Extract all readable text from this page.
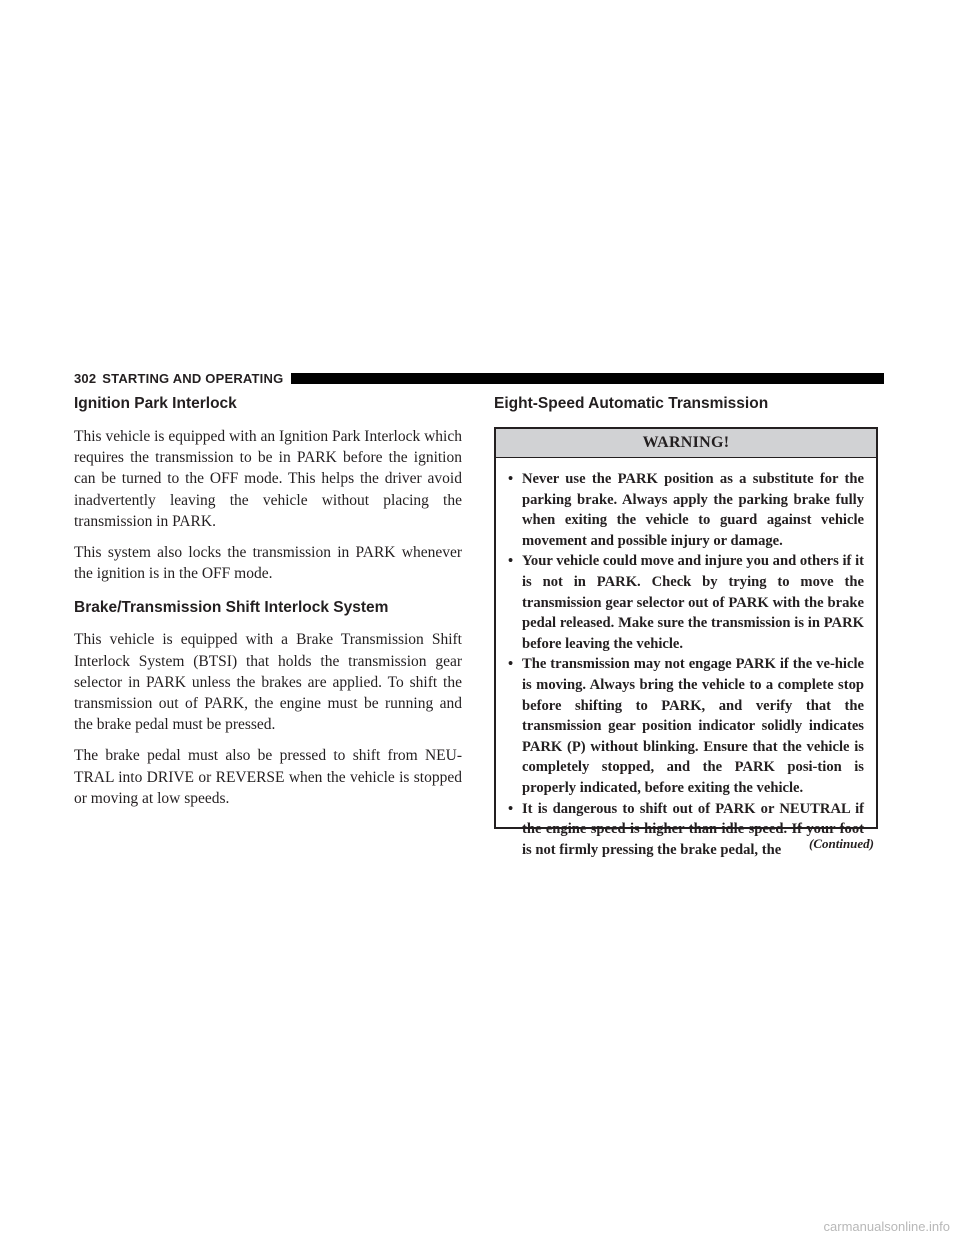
302 STARTING AND OPERATING
Ignition Park Interlock

This vehicle is equipped with an Ignition Park Interlock which requires the transmission to be in PARK before the ignition can be turned to the OFF mode. This helps the driver avoid inadvertently leaving the vehicle without placing the transmission in PARK.

This system also locks the transmission in PARK whenever the ignition is in the OFF mode.

Brake/Transmission Shift Interlock System

This vehicle is equipped with a Brake Transmission Shift Interlock System (BTSI) that holds the transmission gear selector in PARK unless the brakes are applied. To shift the transmission out of PARK, the engine must be running and the brake pedal must be pressed.

The brake pedal must also be pressed to shift from NEU-TRAL into DRIVE or REVERSE when the vehicle is stopped or moving at low speeds.

Eight-Speed Automatic Transmission
WARNING!
• Never use the PARK position as a substitute for the parking brake. Always apply the parking brake fully when exiting the vehicle to guard against vehicle movement and possible injury or damage.
• Your vehicle could move and injure you and others if it is not in PARK. Check by trying to move the transmission gear selector out of PARK with the brake pedal released. Make sure the transmission is in PARK before leaving the vehicle.
• The transmission may not engage PARK if the ve-hicle is moving. Always bring the vehicle to a complete stop before shifting to PARK, and verify that the transmission gear position indicator solidly indicates PARK (P) without blinking. Ensure that the vehicle is completely stopped, and the PARK posi-tion is properly indicated, before exiting the vehicle.
• It is dangerous to shift out of PARK or NEUTRAL if the engine speed is higher than idle speed. If your foot is not firmly pressing the brake pedal, the	(Continued)
carmanualsonline.info
